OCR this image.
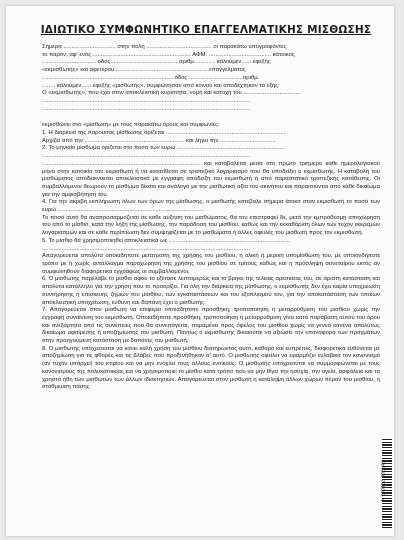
ΙΔΙΩΤΙΚΟ ΣΥΜΦΩΝΗΤΙΚΟ ΕΠΑΓΓΕΛΜΑΤΙΚΗΣ ΜΙΣΘΩΣΗΣ

Σήμερα ................................ στην πόλη ........................................ οι παρακάτω υπογράφοντες

το παρόν, αφ' ενός ............................................................ ΑΦΜ: ...................................... κάτοικος

................................. οδός ........................................ αριθμ. ........... καλούμεν...... εφεξής

«εκμισθωτής» και αφετέρου ........................................................ επαγγελματος

................................................................................ οδός ................................ αριθμ.

........ καλούμεν...... εφεξής «μισθωτής», συμφώνησαν από κοινού και αποδέχτηκαν τα εξής:

Ο «εκμισθωτής», που έχει στην αποκλειστική κυριότητα, νομή και κατοχή του ...................................

...............................................................................................................................

...............................................................................................................................

εκμισθώνει στο «μισθωτή» με τους παρακάτω όρους και συμφωνίες:

1. Η διάρκεια της παρούσας μίσθωσης ορίζεται .........................................................................

Αρχίζει από την ............................................................. και λήγει την ..................................

2. Το μηνιαίο μίσθωμα ορίζεται στο ποσό των ευρώ ..................................................................

...............................................................................................................................

................................................................................................. και καταβάλεται μέσα στο πρώτο τριήμερο κάθε ημερολογιακού μήνα στην κατοικία του εκμισθωτή ή να κατατίθεται σε τραπεζικό λογαριασμό που θα υποδείξει ο εκμισθωτής. Η καταβολή του μισθώματος αποδεικνύεται αποκλειστικά με έγγραφη απόδειξη του εκμισθωτή ή από παραστατικό τραπεζικής κατάθεσης. Οι συμβαλλόμενοι θεωρούν το μίσθωμα δίκαιο και ανάλογο με την μισθωτική αξία του ακινήτου και παραιτούνται από κάθε δικαίωμα για την αμφισβήτηση του.

4. Για την ακριβή εκπλήρωση όλων των όρων της μίσθωσης, ο μισθωτής κατέβαλε σήμερα άτοκα στον εκμισθωτή το ποσό των ευρώ ..........................................................................................

Το ποσό αυτό θα αναπροσαρμόζεται σε κάθε αύξηση του μισθώματος, θα του επιστραφεί δε, μετά την εμπρόθεσμη αποχώρηση του από το μίσθιο, κατά την λήξη της μίσθωσης, την παράδοση του μισθίου, καθώς και την εκκαθάριση όλων των τυχόν εκκρεμών λογαριασμών και σε κάθε περίπτωση δεν συμψηφίζεται με το μισθώματα ή άλλες οφειλές του μισθωτή προς τον εκμισθωτή.

5. Το μίσθιο θα χρησιμοποιηθεί αποκλειστικά ως ..........................................................................

...............................................................................................................................

Απαγορεύεται απολύτα οποιαδήποτε μετατροπή της χρήσης του μισθίου, η ολική ή μερική υπομίσθωσή του, με οποιονδήποτε τρόπο με ή χωρίς αντάλλαγμα παραχώρηση της χρήσης του μισθίου σε τρίτους καθώς και η πρόσληψη συνεταίρου εκτός αν συμφωνηθούν διαφορετικά εγγράφως οι συμβαλλόμενοι.

6. Ο μισθωτής παρέλαβε το μίσθιο αφού το εξέτασε λεπτομερώς και το βρήκε της τέλειας αρεσκείας του, σε άριστη κατάσταση και απολύτα κατάλληλο για την χρήση που το προορίζει. Για όλη την διάρκεια της μίσθωσης, ο εκμισθωτής δεν έχει καμία υποχρέωση συντήρησης ή επισκευής ζημιών του μισθίου, των εγκαταστάσεων και του εξοπλισμού του, για την αποκατάσταση των οποίων αποκλειστική υποχρέωση, ευθύνη και δαπάνη έχει ο μισθωτής.

7. Απαγορεύεται στον μισθωτή να επιφέρει οποιαδήποτε προσθήκη, τροποποίηση ή μεταρρύθμιση του μισθίου χωρίς την έγγραφη συναίνεση του εκμισθωτή. Οποιαδήποτε προσθήκη, τροποποίηση ή μεταρρύθμιση γίνει κατά παράβαση αυτού του όρου και ανεξάρτητα από τις συνέπειες που θα συνεπάγεται, παραμένει προς όφελος του μισθίου χωρίς να γεννά κανένα απολύτως δικαίωμα αφαίρεσης ή αποζημίωσης του μισθωτή. Πάντως ο εκμισθωτής δικαιούται να αξιώσει την επαναφορά των πραγμάτων στην προηγούμενη κατάσταση με δαπάνες του μισθωτή.

8. Ο μισθωτής υποχρεούται να κάνει καλή χρήση του μισθίου διατηρώντας αυτό, καθαρό και ευπρεπές, διαφορετικά ευθύνεται με αποζημίωση για τις φθορές και τις βλάβες που προξενήθηκαν σ' αυτό. Ο μισθωτής οφείλει να εφαρμόζει ευλαβικά τον κανονισμό (αν τυχόν υπάρχει) του κτιρίου και να μην ενοχλεί τους άλλους ενοίκους. Ο μισθωτής υποχρεούται να συμμορφώνεται με τους κανονισμούς της πολυκατοικίας και να χρησιμοποιεί το μίσθιο κατά τρόπο που να μην θίγει την ησυχία, την υγεία, ασφάλεια και τα χρηστά ήθη των μισθωτών των άλλων ιδιοκτησιών. Απαγορεύεται στον μισθωτή η κατάληψη άλλων χώρων πέραν του μισθίου, η στάθμευση πάσης

5 200122 056646
